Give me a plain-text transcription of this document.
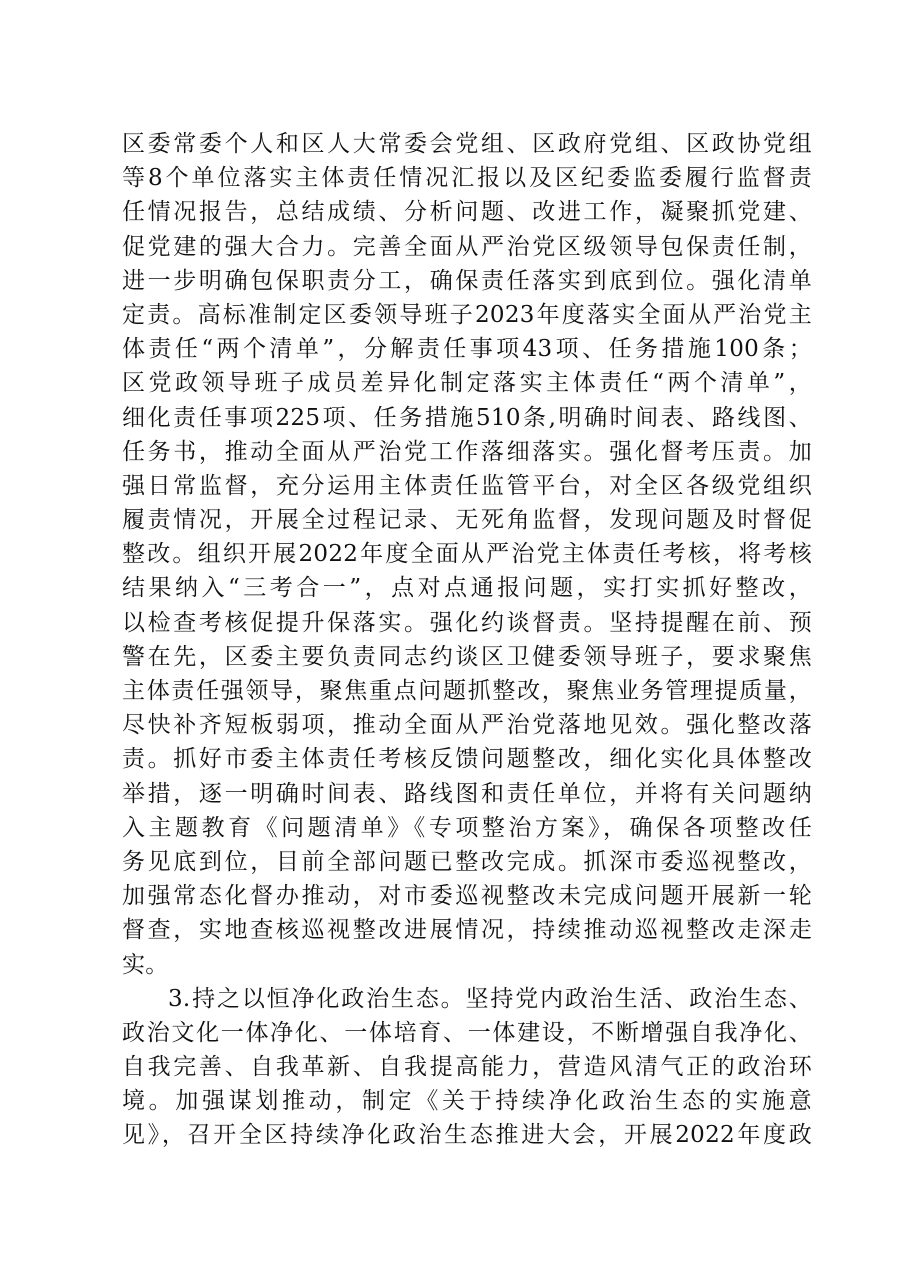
区委常委个人和区人大常委会党组、区政府党组、区政协党组
等8个单位落实主体责任情况汇报以及区纪委监委履行监督责
任情况报告，总结成绩、分析问题、改进工作，凝聚抓党建、
促党建的强大合力。完善全面从严治党区级领导包保责任制，
进一步明确包保职责分工，确保责任落实到底到位。强化清单
定责。高标准制定区委领导班子2023年度落实全面从严治党主
体责任“两个清单”，分解责任事项43项、任务措施100条；
区党政领导班子成员差异化制定落实主体责任“两个清单”，
细化责任事项225项、任务措施510条,明确时间表、路线图、
任务书，推动全面从严治党工作落细落实。强化督考压责。加
强日常监督，充分运用主体责任监管平台，对全区各级党组织
履责情况，开展全过程记录、无死角监督，发现问题及时督促
整改。组织开展2022年度全面从严治党主体责任考核，将考核
结果纳入“三考合一”，点对点通报问题，实打实抓好整改，
以检查考核促提升保落实。强化约谈督责。坚持提醒在前、预
警在先，区委主要负责同志约谈区卫健委领导班子，要求聚焦
主体责任强领导，聚焦重点问题抓整改，聚焦业务管理提质量，
尽快补齐短板弱项，推动全面从严治党落地见效。强化整改落
责。抓好市委主体责任考核反馈问题整改，细化实化具体整改
举措，逐一明确时间表、路线图和责任单位，并将有关问题纳
入主题教育《问题清单》《专项整治方案》，确保各项整改任
务见底到位，目前全部问题已整改完成。抓深市委巡视整改，
加强常态化督办推动，对市委巡视整改未完成问题开展新一轮
督查，实地查核巡视整改进展情况，持续推动巡视整改走深走
实。
3.持之以恒净化政治生态。坚持党内政治生活、政治生态、
政治文化一体净化、一体培育、一体建设，不断增强自我净化、
自我完善、自我革新、自我提高能力，营造风清气正的政治环
境。加强谋划推动，制定《关于持续净化政治生态的实施意
见》，召开全区持续净化政治生态推进大会，开展2022年度政
